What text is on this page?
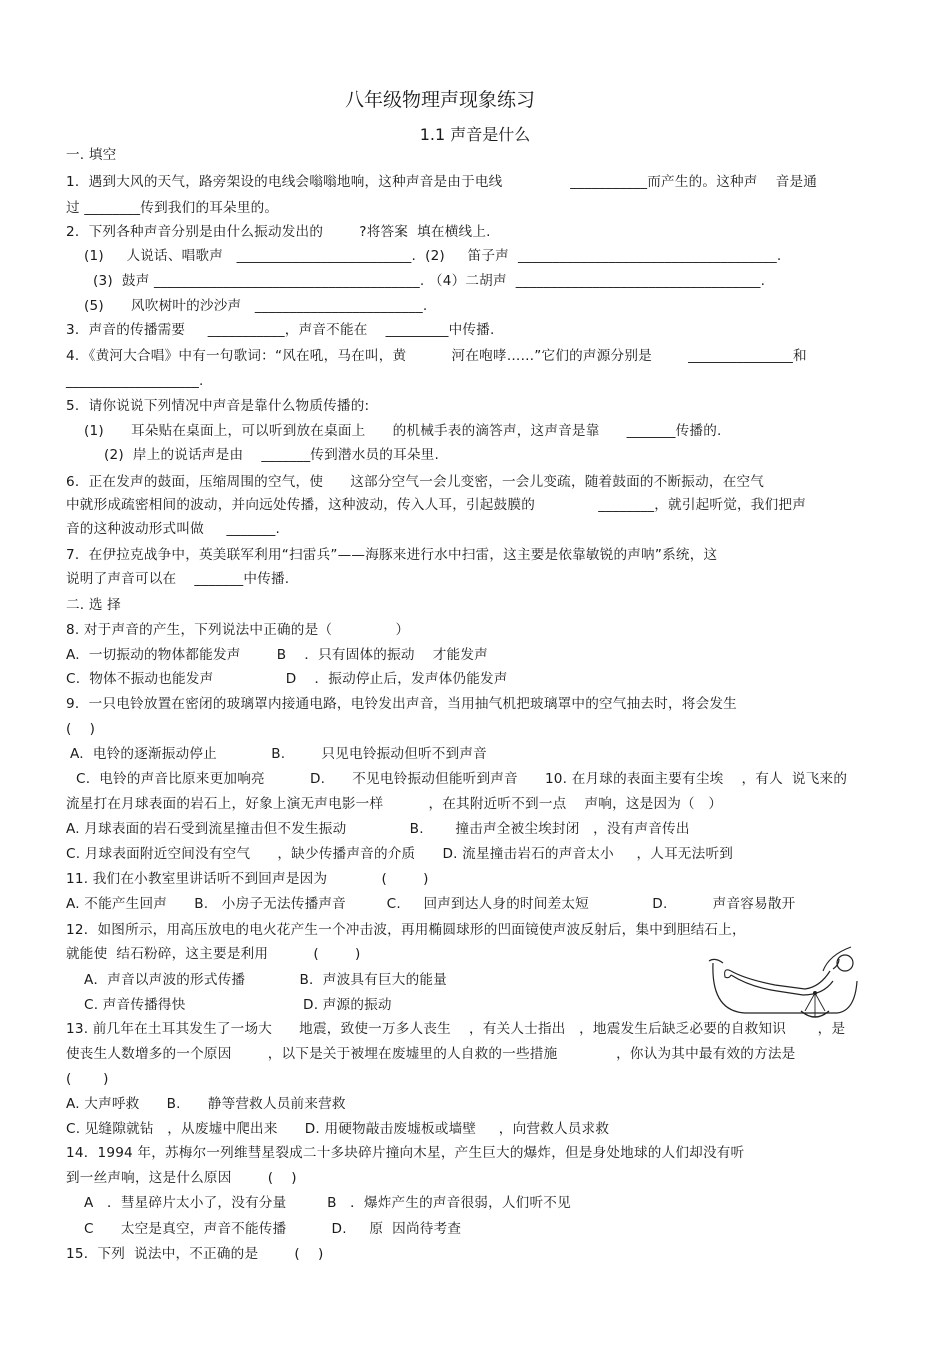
八年级物理声现象练习
1.1 声音是什么
一. 填空
1．遇到大风的天气，路旁架设的电线会嗡嗡地响，这种声音是由于电线               ___________而产生的。这种声    音是通
过 ________传到我们的耳朵里的。
2．下列各种声音分别是由什么振动发出的        ?将答案  填在横线上.
(1)     人说话、唱歌声   _________________________.  (2)     笛子声  _____________________________________.
(3)  鼓声 ______________________________________. （4）二胡声  ___________________________________.
(5)      风吹树叶的沙沙声   ________________________.
3．声音的传播需要     ___________，声音不能在    _________中传播.
4．《黄河大合唱》中有一句歌词：“风在吼，马在叫，黄          河在咆哮……”它们的声源分别是        _______________和
___________________.
5．请你说说下列情况中声音是靠什么物质传播的:
(1)      耳朵贴在桌面上，可以听到放在桌面上      的机械手表的滴答声，这声音是靠      _______传播的.
(2)  岸上的说话声是由    _______传到潜水员的耳朵里.
6．正在发声的鼓面，压缩周围的空气，使      这部分空气一会儿变密，一会儿变疏，随着鼓面的不断振动，在空气
中就形成疏密相间的波动，并向远处传播，这种波动，传入人耳，引起鼓膜的              ________，就引起听觉，我们把声
音的这种波动形式叫做     _______.
7．在伊拉克战争中，英美联军利用“扫雷兵”——海豚来进行水中扫雷，这主要是依靠敏锐的声呐”系统，这
说明了声音可以在    _______中传播.
二. 选 择
8. 对于声音的产生，下列说法中正确的是（              ）
A.  一切振动的物体都能发声        B    ．只有固体的振动    才能发声
C.  物体不振动也能发声                D    ．振动停止后，发声体仍能发声
9．一只电铃放置在密闭的玻璃罩内接通电路，电铃发出声音，当用抽气机把玻璃罩中的空气抽去时，将会发生
(    )
A.  电铃的逐渐振动停止            B.        只见电铃振动但听不到声音
C.  电铃的声音比原来更加响亮          D.      不见电铃振动但能听到声音      10. 在月球的表面主要有尘埃    ，有人  说飞来的
流星打在月球表面的岩石上，好象上演无声电影一样          ，在其附近听不到一点    声响，这是因为（   ）
A. 月球表面的岩石受到流星撞击但不发生振动              B.       撞击声全被尘埃封闭   ，没有声音传出
C. 月球表面附近空间没有空气      ，缺少传播声音的介质      D. 流星撞击岩石的声音太小     ，人耳无法听到
11. 我们在小教室里讲话听不到回声是因为            (        )
A. 不能产生回声      B.   小房子无法传播声音         C.     回声到达人身的时间差太短              D.          声音容易散开
12．如图所示，用高压放电的电火花产生一个冲击波，再用椭圆球形的凹面镜使声波反射后，集中到胆结石上，
就能使  结石粉碎，这主要是利用          (        )
A．声音以声波的形式传播            B．声波具有巨大的能量
C. 声音传播得快                          D. 声源的振动
13. 前几年在土耳其发生了一场大      地震，致使一万多人丧生    ，有关人士指出   ，地震发生后缺乏必要的自救知识       ，是
使丧生人数增多的一个原因        ，以下是关于被埋在废墟里的人自救的一些措施             ，你认为其中最有效的方法是
(       )
A. 大声呼救      B.      静等营救人员前来营救
C. 见缝隙就钻   ，从废墟中爬出来      D. 用硬物敲击废墟板或墙壁     ，向营救人员求救
14．1994 年，苏梅尔一列维彗星裂成二十多块碎片撞向木星，产生巨大的爆炸，但是身处地球的人们却没有听
到一丝声响，这是什么原因        (    )
A   ．彗星碎片太小了，没有分量         B   ．爆炸产生的声音很弱，人们听不见
C      太空是真空，声音不能传播          D.     原  因尚待考查
15．下列  说法中，不正确的是        (    )
